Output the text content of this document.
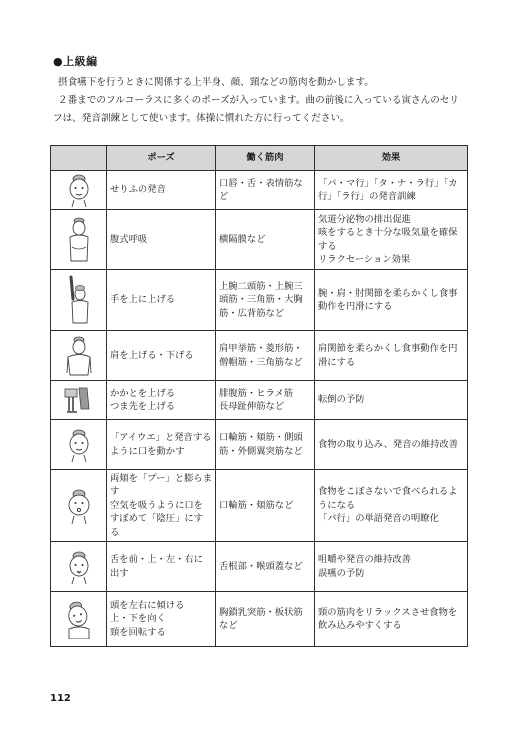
●上級編
摂食嚥下を行うときに関係する上半身、顔、頸などの筋肉を動かします。
２番までのフルコーラスに多くのポーズが入っています。曲の前後に入っている寅さんのセリフは、発音訓練として使います。体操に慣れた方に行ってください。
	ポーズ	働く筋肉	効果

	せりふの発音	口唇・舌・表情筋など	「パ・マ行」「タ・ナ・ラ行」「カ行」「ラ行」の発音訓練

	腹式呼吸	横隔膜など	気道分泌物の排出促進
咳をするとき十分な吸気量を確保する
リラクセーション効果

	手を上に上げる	上腕二頭筋・上腕三頭筋・三角筋・大胸筋・広背筋など	腕・肩・肘関節を柔らかくし食事動作を円滑にする

	肩を上げる・下げる	肩甲挙筋・菱形筋・僧帽筋・三角筋など	肩関節を柔らかくし食事動作を円滑にする

	かかとを上げる
つま先を上げる	腓腹筋・ヒラメ筋
長母趾伸筋など	転倒の予防

	「アイウエ」と発音するように口を動かす	口輪筋・頬筋・側頭筋・外側翼突筋など	食物の取り込み、発音の維持改善

	両頬を「プー」と膨らます
空気を吸うように口をすぼめて「陰圧」にする	口輪筋・頬筋など	食物をこぼさないで食べられるようになる
「パ行」の単語発音の明瞭化

	舌を前・上・左・右に出す	舌根部・喉頭蓋など	咀嚼や発音の維持改善
誤嚥の予防

	頭を左右に傾ける
上・下を向く
頸を回転する	胸鎖乳突筋・板状筋など	頸の筋肉をリラックスさせ食物を飲み込みやすくする
112
